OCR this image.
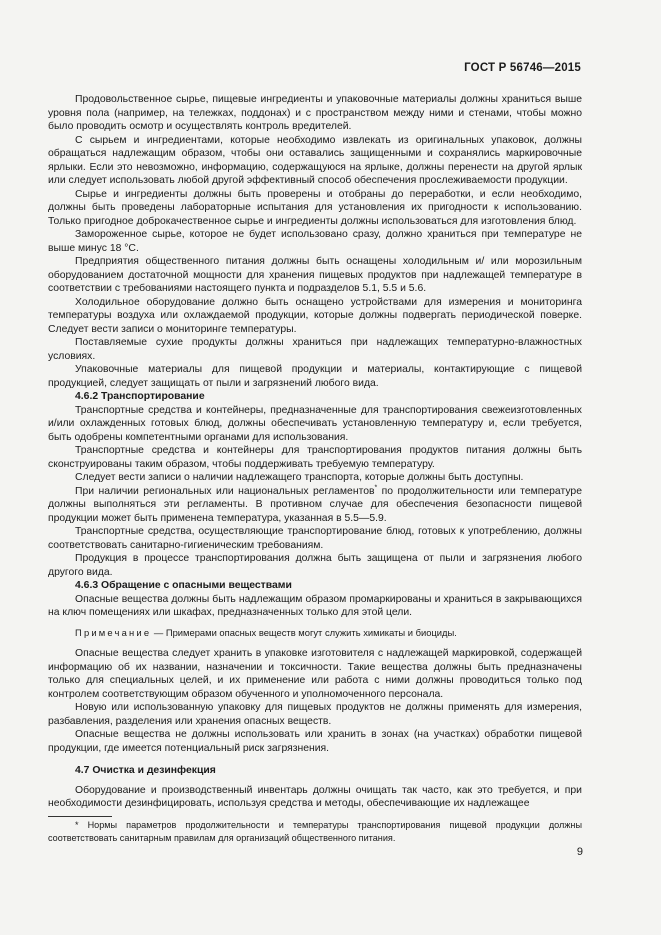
ГОСТ Р 56746—2015

Продовольственное сырье, пищевые ингредиенты и упаковочные материалы должны храниться выше уровня пола (например, на тележках, поддонах) и с пространством между ними и стенами, чтобы можно было проводить осмотр и осуществлять контроль вредителей.

С сырьем и ингредиентами, которые необходимо извлекать из оригинальных упаковок, должны обращаться надлежащим образом, чтобы они оставались защищенными и сохранялись маркировочные ярлыки. Если это невозможно, информацию, содержащуюся на ярлыке, должны перенести на другой ярлык или следует использовать любой другой эффективный способ обеспечения прослеживаемости продукции.

Сырье и ингредиенты должны быть проверены и отобраны до переработки, и если необходимо, должны быть проведены лабораторные испытания для установления их пригодности к использованию. Только пригодное доброкачественное сырье и ингредиенты должны использоваться для изготовления блюд.

Замороженное сырье, которое не будет использовано сразу, должно храниться при температуре не выше минус 18 °С.

Предприятия общественного питания должны быть оснащены холодильным и/ или морозильным оборудованием достаточной мощности для хранения пищевых продуктов при надлежащей температуре в соответствии с требованиями настоящего пункта и подразделов 5.1, 5.5 и 5.6.

Холодильное оборудование должно быть оснащено устройствами для измерения и мониторинга температуры воздуха или охлаждаемой продукции, которые должны подвергать периодической поверке. Следует вести записи о мониторинге температуры.

Поставляемые сухие продукты должны храниться при надлежащих температурно-влажностных условиях.

Упаковочные материалы для пищевой продукции и материалы, контактирующие с пищевой продукцией, следует защищать от пыли и загрязнений любого вида.

4.6.2 Транспортирование

Транспортные средства и контейнеры, предназначенные для транспортирования свежеизготовленных и/или охлажденных готовых блюд, должны обеспечивать установленную температуру и, если требуется, быть одобрены компетентными органами для использования.

Транспортные средства и контейнеры для транспортирования продуктов питания должны быть сконструированы таким образом, чтобы поддерживать требуемую температуру.

Следует вести записи о наличии надлежащего транспорта, которые должны быть доступны.

При наличии региональных или национальных регламентов* по продолжительности или температуре должны выполняться эти регламенты. В противном случае для обеспечения безопасности пищевой продукции может быть применена температура, указанная в 5.5—5.9.

Транспортные средства, осуществляющие транспортирование блюд, готовых к употреблению, должны соответствовать санитарно-гигиеническим требованиям.

Продукция в процессе транспортирования должна быть защищена от пыли и загрязнения любого другого вида.

4.6.3 Обращение с опасными веществами

Опасные вещества должны быть надлежащим образом промаркированы и храниться в закрывающихся на ключ помещениях или шкафах, предназначенных только для этой цели.

Примечание — Примерами опасных веществ могут служить химикаты и биоциды.

Опасные вещества следует хранить в упаковке изготовителя с надлежащей маркировкой, содержащей информацию об их названии, назначении и токсичности. Такие вещества должны быть предназначены только для специальных целей, и их применение или работа с ними должны проводиться только под контролем соответствующим образом обученного и уполномоченного персонала.

Новую или использованную упаковку для пищевых продуктов не должны применять для измерения, разбавления, разделения или хранения опасных веществ.

Опасные вещества не должны использовать или хранить в зонах (на участках) обработки пищевой продукции, где имеется потенциальный риск загрязнения.

4.7 Очистка и дезинфекция

Оборудование и производственный инвентарь должны очищать так часто, как это требуется, и при необходимости дезинфицировать, используя средства и методы, обеспечивающие их надлежащее

* Нормы параметров продолжительности и температуры транспортирования пищевой продукции должны соответствовать санитарным правилам для организаций общественного питания.
9
